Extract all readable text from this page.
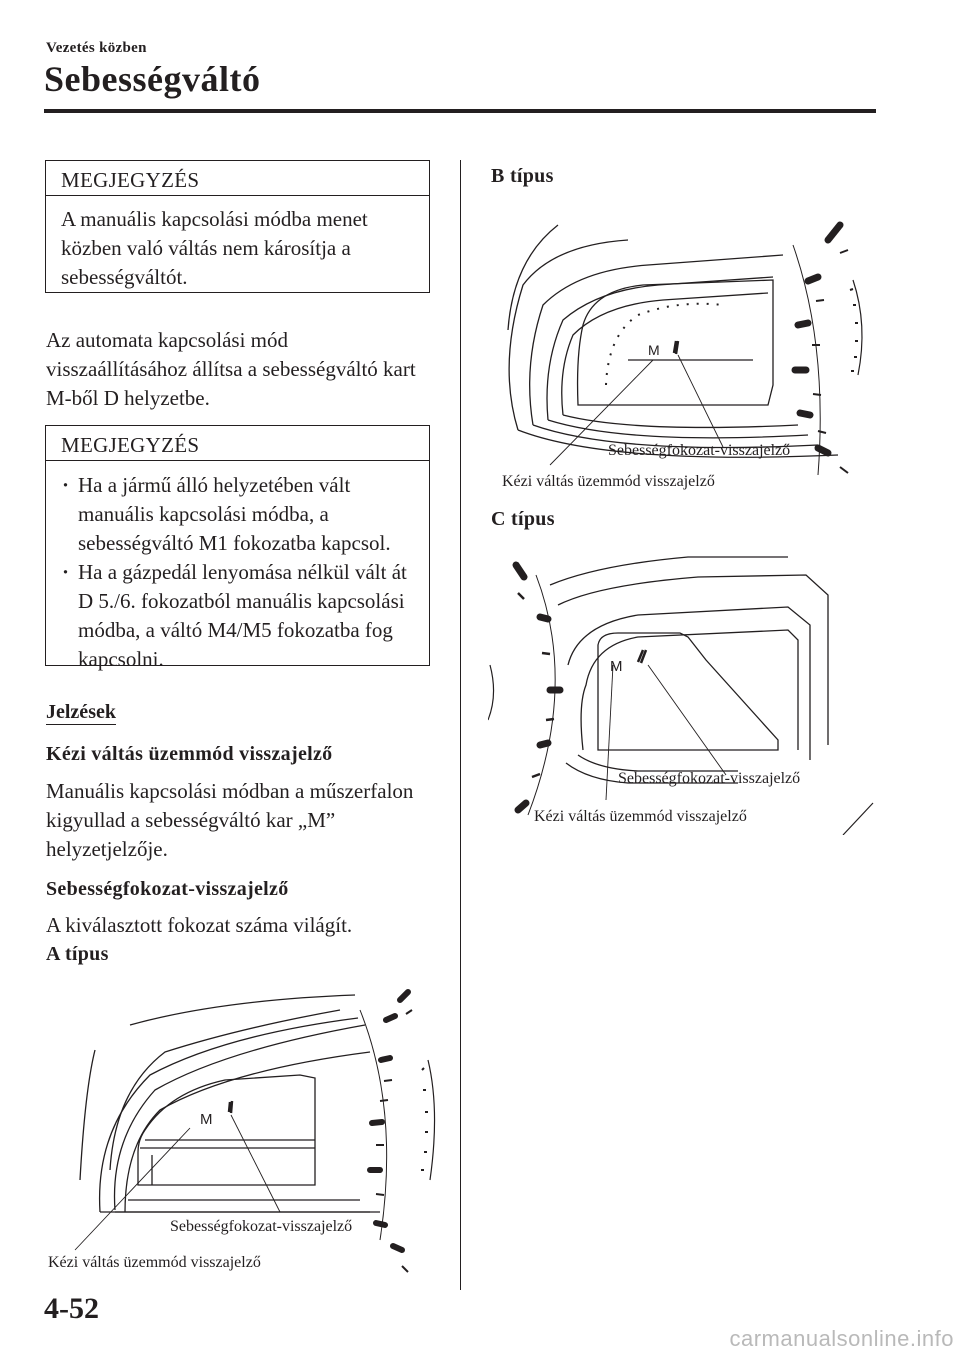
Vezetés közben
Sebességváltó
MEGJEGYZÉS
A manuális kapcsolási módba menet közben való váltás nem károsítja a sebességváltót.
Az automata kapcsolási mód visszaállításához állítsa a sebességváltó kart M-ből D helyzetbe.
MEGJEGYZÉS
· Ha a jármű álló helyzetében vált manuális kapcsolási módba, a sebességváltó M1 fokozatba kapcsol.
· Ha a gázpedál lenyomása nélkül vált át D 5./6. fokozatból manuális kapcsolási módba, a váltó M4/M5 fokozatba fog kapcsolni.
Jelzések
Kézi váltás üzemmód visszajelző
Manuális kapcsolási módban a műszerfalon kigyullad a sebességváltó kar „M” helyzetjelzője.
Sebességfokozat-visszajelző
A kiválasztott fokozat száma világít.
A típus
M
Sebességfokozat-visszajelző
Kézi váltás üzemmód visszajelző
B típus
M
Sebességfokozat-visszajelző
Kézi váltás üzemmód visszajelző
C típus
M
Sebességfokozat-visszajelző
Kézi váltás üzemmód visszajelző
4-52
carmanualsonline.info
